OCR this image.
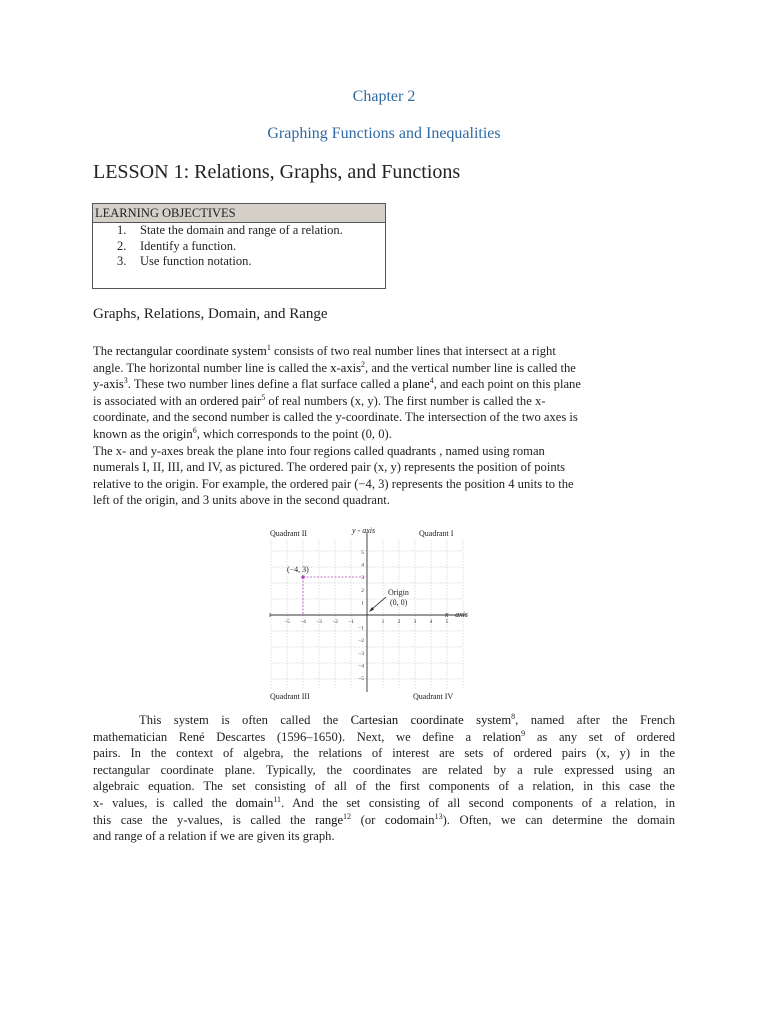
Chapter 2
Graphing Functions and Inequalities
LESSON 1: Relations, Graphs, and Functions
LEARNING OBJECTIVES
1. State the domain and range of a relation.
2. Identify a function.
3. Use function notation.
Graphs, Relations, Domain, and Range
The rectangular coordinate system$^1$ consists of two real number lines that intersect at a right
angle. The horizontal number line is called the x-axis$^2$, and the vertical number line is called the
y-axis$^3$. These two number lines define a flat surface called a plane$^4$, and each point on this plane
is associated with an ordered pair$^5$ of real numbers (x, y). The first number is called the x-
coordinate, and the second number is called the y-coordinate. The intersection of the two axes is
known as the origin$^6$, which corresponds to the point (0, 0).
The x- and y-axes break the plane into four regions called quadrants , named using roman
numerals I, II, III, and IV, as pictured. The ordered pair (x, y) represents the position of points
relative to the origin. For example, the ordered pair (−4, 3) represents the position 4 units to the
left of the origin, and 3 units above in the second quadrant.
−5 −4 −3 −2 −1	1 2 3 4 5
5
4
3
2
1
−1
−2
−3
−4
−5
(−4, 3)
Origin
(0, 0)
Quadrant II	Quadrant I
Quadrant III	Quadrant IV
y - axis
x - axis
This system is often called the Cartesian coordinate system$^8$, named after the French
mathematician René Descartes (1596–1650). Next, we define a relation$^9$ as any set of ordered
pairs. In the context of algebra, the relations of interest are sets of ordered pairs (x, y) in the
rectangular coordinate plane. Typically, the coordinates are related by a rule expressed using an
algebraic equation. The set consisting of all of the first components of a relation, in this case the
x- values, is called the domain$^{11}$. And the set consisting of all second components of a relation, in
this case the y-values, is called the range$^{12}$ (or codomain$^{13}$). Often, we can determine the domain
and range of a relation if we are given its graph.
